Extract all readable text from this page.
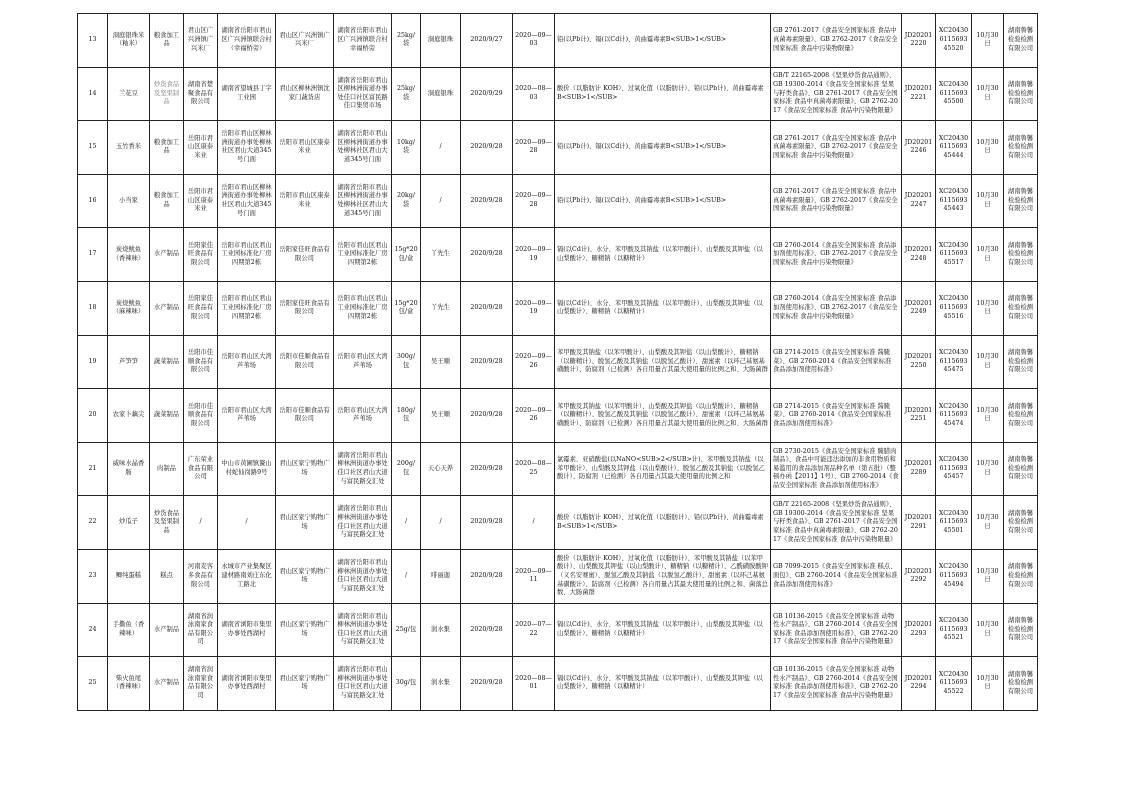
13	洞庭银珠米（籼米）	粮食加工品	君山区广兴洲镇广兴米厂	湖南省岳阳市君山区广兴洲镇联合村（幸福桥旁）	君山区广兴洲镇广兴米厂	湖南省岳阳市君山区广兴洲镇联合村幸福桥旁	25kg/袋	洞庭银珠	2020/9/27	2020—09—03	铅(以Pb计)、镉(以Cd计)、黄曲霉毒素B<SUB>1</SUB>	GB 2761-2017《食品安全国家标准 食品中真菌毒素限量》、GB 2762-2017《食品安全国家标准 食品中污染物限量》	JD202012220	XC20430611569345520	10月30日	湖南鲁馨检验检测有限公司
14	兰花豆	炒货食品及坚果制品	湖南省楚聚食品有限公司	湖南省望城县丁字工业园	君山区柳林洲镇沈家门蔬货店	湖南省岳阳市君山区柳林洲街道办事处佳口社区富民路佳口集贸市场	25kg/袋	洞庭银珠	2020/9/29	2020—08—03	酸价（以脂肪计 KOH）、过氧化值（以脂肪计）、铅(以Pb计)、黄曲霉毒素B<SUB>1</SUB>	GB/T 22165-2008《坚果炒货食品通则》、GB 19300-2014《食品安全国家标准 坚果与籽类食品》、GB 2761-2017《食品安全国家标准 食品中真菌毒素限量》、GB 2762-2017《食品安全国家标准 食品中污染物限量》	JD202012221	XC20430611569345500	10月30日	湖南鲁馨检验检测有限公司
15	玉竹香米	粮食加工品	岳阳市君山区康泰米业	岳阳市君山区柳林洲街道办事处柳林社区君山大道345号门面	岳阳市君山区康泰米业	湖南省岳阳市君山区柳林洲街道办事处柳林社区君山大道345号门面	10kg/袋	/	2020/9/28	2020—09—28	铅(以Pb计)、镉(以Cd计)、黄曲霉毒素B<SUB>1</SUB>	GB 2761-2017《食品安全国家标准 食品中真菌毒素限量》、GB 2762-2017《食品安全国家标准 食品中污染物限量》	JD202012246	XC20430611569345444	10月30日	湖南鲁馨检验检测有限公司
16	小当家	粮食加工品	岳阳市君山区康泰米业	岳阳市君山区柳林洲街道办事处柳林社区君山大道345号门面	岳阳市君山区康泰米业	湖南省岳阳市君山区柳林洲街道办事处柳林社区君山大道345号门面	20kg/袋	/	2020/9/28	2020—09—28	铅(以Pb计)、镉(以Cd计)、黄曲霉毒素B<SUB>1</SUB>	GB 2761-2017《食品安全国家标准 食品中真菌毒素限量》、GB 2762-2017《食品安全国家标准 食品中污染物限量》	JD202012247	XC20430611569345443	10月30日	湖南鲁馨检验检测有限公司
17	炭烧鱿鱼（香辣味）	水产制品	岳阳家佳旺食品有限公司	岳阳市君山区君山工业园标准化厂房四期第2栋	岳阳家佳旺食品有限公司	岳阳市君山区君山工业园标准化厂房四期第2栋	15g*20包/盒	丫先生	2020/9/28	2020—09—19	镉(以Cd计)、水分、苯甲酸及其钠盐（以苯甲酸计）、山梨酸及其钾盐（以山梨酸计）、糖精钠（以糖精计）	GB 2760-2014《食品安全国家标准 食品添加剂使用标准》、GB 2762-2017《食品安全国家标准 食品中污染物限量》	JD202012248	XC20430611569345517	10月30日	湖南鲁馨检验检测有限公司
18	炭烧鱿鱼（麻辣味）	水产制品	岳阳家佳旺食品有限公司	岳阳市君山区君山工业园标准化厂房四期第2栋	岳阳家佳旺食品有限公司	岳阳市君山区君山工业园标准化厂房四期第2栋	15g*20包/盒	丫先生	2020/9/28	2020—09—19	镉(以Cd计)、水分、苯甲酸及其钠盐（以苯甲酸计）、山梨酸及其钾盐（以山梨酸计）、糖精钠（以糖精计）	GB 2760-2014《食品安全国家标准 食品添加剂使用标准》、GB 2762-2017《食品安全国家标准 食品中污染物限量》	JD202012249	XC20430611569345516	10月30日	湖南鲁馨检验检测有限公司
19	芦笋笋	蔬菜制品	岳阳市佳顺食品有限公司	岳阳市君山区大湾芦苇场	岳阳市佳顺食品有限公司	岳阳市君山区大湾芦苇场	300g/包	吴王順	2020/9/28	2020—09—26	苯甲酸及其钠盐（以苯甲酸计）、山梨酸及其钾盐（以山梨酸计）、糖精钠（以糖精计）、脱氢乙酸及其钠盐（以脱氢乙酸计）、甜蜜素（以环己基氨基磺酸计）、防腐剂（已检测）各自用量占其最大使用量的比例之和、大肠菌群	GB 2714-2015《食品安全国家标准 酱腌菜》、GB 2760-2014《食品安全国家标准 食品添加剂使用标准》	JD202012250	XC20430611569345475	10月30日	湖南鲁馨检验检测有限公司
20	农家卜藕尖	蔬菜制品	岳阳市佳顺食品有限公司	岳阳市君山区大湾芦苇场	岳阳市佳顺食品有限公司	岳阳市君山区大湾芦苇场	180g/包	吴王順	2020/9/28	2020—09—26	苯甲酸及其钠盐（以苯甲酸计）、山梨酸及其钾盐（以山梨酸计）、糖精钠（以糖精计）、脱氢乙酸及其钠盐（以脱氢乙酸计）、甜蜜素（以环己基氨基磺酸计）、防腐剂（已检测）各自用量占其最大使用量的比例之和、大肠菌群	GB 2714-2015《食品安全国家标准 酱腌菜》、GB 2760-2014《食品安全国家标准 食品添加剂使用标准》	JD202012251	XC20430611569345474	10月30日	湖南鲁馨检验检测有限公司
21	威味水晶香肠	肉制品	广东荣业食品有限公司	中山市黄圃镇鳌山村蛇仙岗路9号	君山区家宁购物广场	湖南省岳阳市君山柳林洲街道办事处佳口社区君山大道与富民路交汇处	200g/包	天心天养	2020/9/28	2020—08—25	氯霉素、亚硝酸盐(以NaNO<SUB>2</SUB>计)、苯甲酸及其钠盐（以苯甲酸计）、山梨酸及其钾盐（以山梨酸计）、脱氢乙酸及其钠盐（以脱氢乙酸计）、防腐剂（已检测）各自用量占其最大使用量的比例之和	GB 2730-2015《食品安全国家标准 腌腊肉制品》、食品中可能违法添加的非食用物质和易滥用的食品添加剂品种名单（第五批）（整顿办函【2011】1号）、GB 2760-2014《食品安全国家标准 食品添加剂使用标准》	JD202012289	XC20430611569345457	10月30日	湖南鲁馨检验检测有限公司
22	炒瓜子	炒货食品及坚果制品	/	/	君山区家宁购物广场	湖南省岳阳市君山柳林洲街道办事处佳口社区君山大道与富民路交汇处	/	/	2020/9/28	/	酸价（以脂肪计 KOH）、过氧化值（以脂肪计）、铅(以Pb计)、黄曲霉毒素B<SUB>1</SUB>	GB/T 22165-2008《坚果炒货食品通则》、GB 19300-2014《食品安全国家标准 坚果与籽类食品》、GB 2761-2017《食品安全国家标准 食品中真菌毒素限量》、GB 2762-2017《食品安全国家标准 食品中污染物限量》	JD202012291	XC20430611569345501	10月30日	湖南鲁馨检验检测有限公司
23	鲫纯蛋糕	糕点	河南麦客多食品有限公司	永城市产业集聚区建材路南刘庄东化工路北	君山区家宁购物广场	湖南省岳阳市君山柳林洲街道办事处佳口社区君山大道与富民路交汇处	/	啡丽迦	2020/9/28	2020—09—11	酸价（以脂肪计 KOH）、过氧化值（以脂肪计）、苯甲酸及其钠盐（以苯甲酸计）、山梨酸及其钾盐（以山梨酸计）、糖精钠（以糖精计）、乙酰磺胺酸钾（又名安赛蜜）、脱氢乙酸及其钠盐（以脱氢乙酸计）、甜蜜素（以环己基氨基磺酸计）、防腐剂（已检测）各自用量占其最大使用量的比例之和、菌落总数、大肠菌群	GB 7099-2015《食品安全国家标准 糕点、面包》、GB 2760-2014《食品安全国家标准 食品添加剂使用标准》	JD202012292	XC20430611569345494	10月30日	湖南鲁馨检验检测有限公司
24	手撕鱼（香辣味）	水产制品	湖南省润泳南家食品有限公司	湖南省浏阳市集里办事处西湖村	君山区家宁购物广场	湖南省岳阳市君山柳林洲街道办事处佳口社区君山大道与富民路交汇处	25g/包	润水集	2020/9/28	2020—07—22	镉(以Cd计)、水分、苯甲酸及其钠盐（以苯甲酸计）、山梨酸及其钾盐（以山梨酸计）、糖精钠（以糖精计）	GB 10136-2015《食品安全国家标准 动物性水产制品》、GB 2760-2014《食品安全国家标准 食品添加剂使用标准》、GB 2762-2017《食品安全国家标准 食品中污染物限量》	JD202012293	XC20430611569345521	10月30日	湖南鲁馨检验检测有限公司
25	柴火鱼尾（香辣味）	水产制品	湖南省润泳南家食品有限公司	湖南省浏阳市集里办事处西湖村	君山区家宁购物广场	湖南省岳阳市君山柳林洲街道办事处佳口社区君山大道与富民路交汇处	30g/包	润水集	2020/9/28	2020—08—01	镉(以Cd计)、水分、苯甲酸及其钠盐（以苯甲酸计）、山梨酸及其钾盐（以山梨酸计）、糖精钠（以糖精计）	GB 10136-2015《食品安全国家标准 动物性水产制品》、GB 2760-2014《食品安全国家标准 食品添加剂使用标准》、GB 2762-2017《食品安全国家标准 食品中污染物限量》	JD202012294	XC20430611569345522	10月30日	湖南鲁馨检验检测有限公司
